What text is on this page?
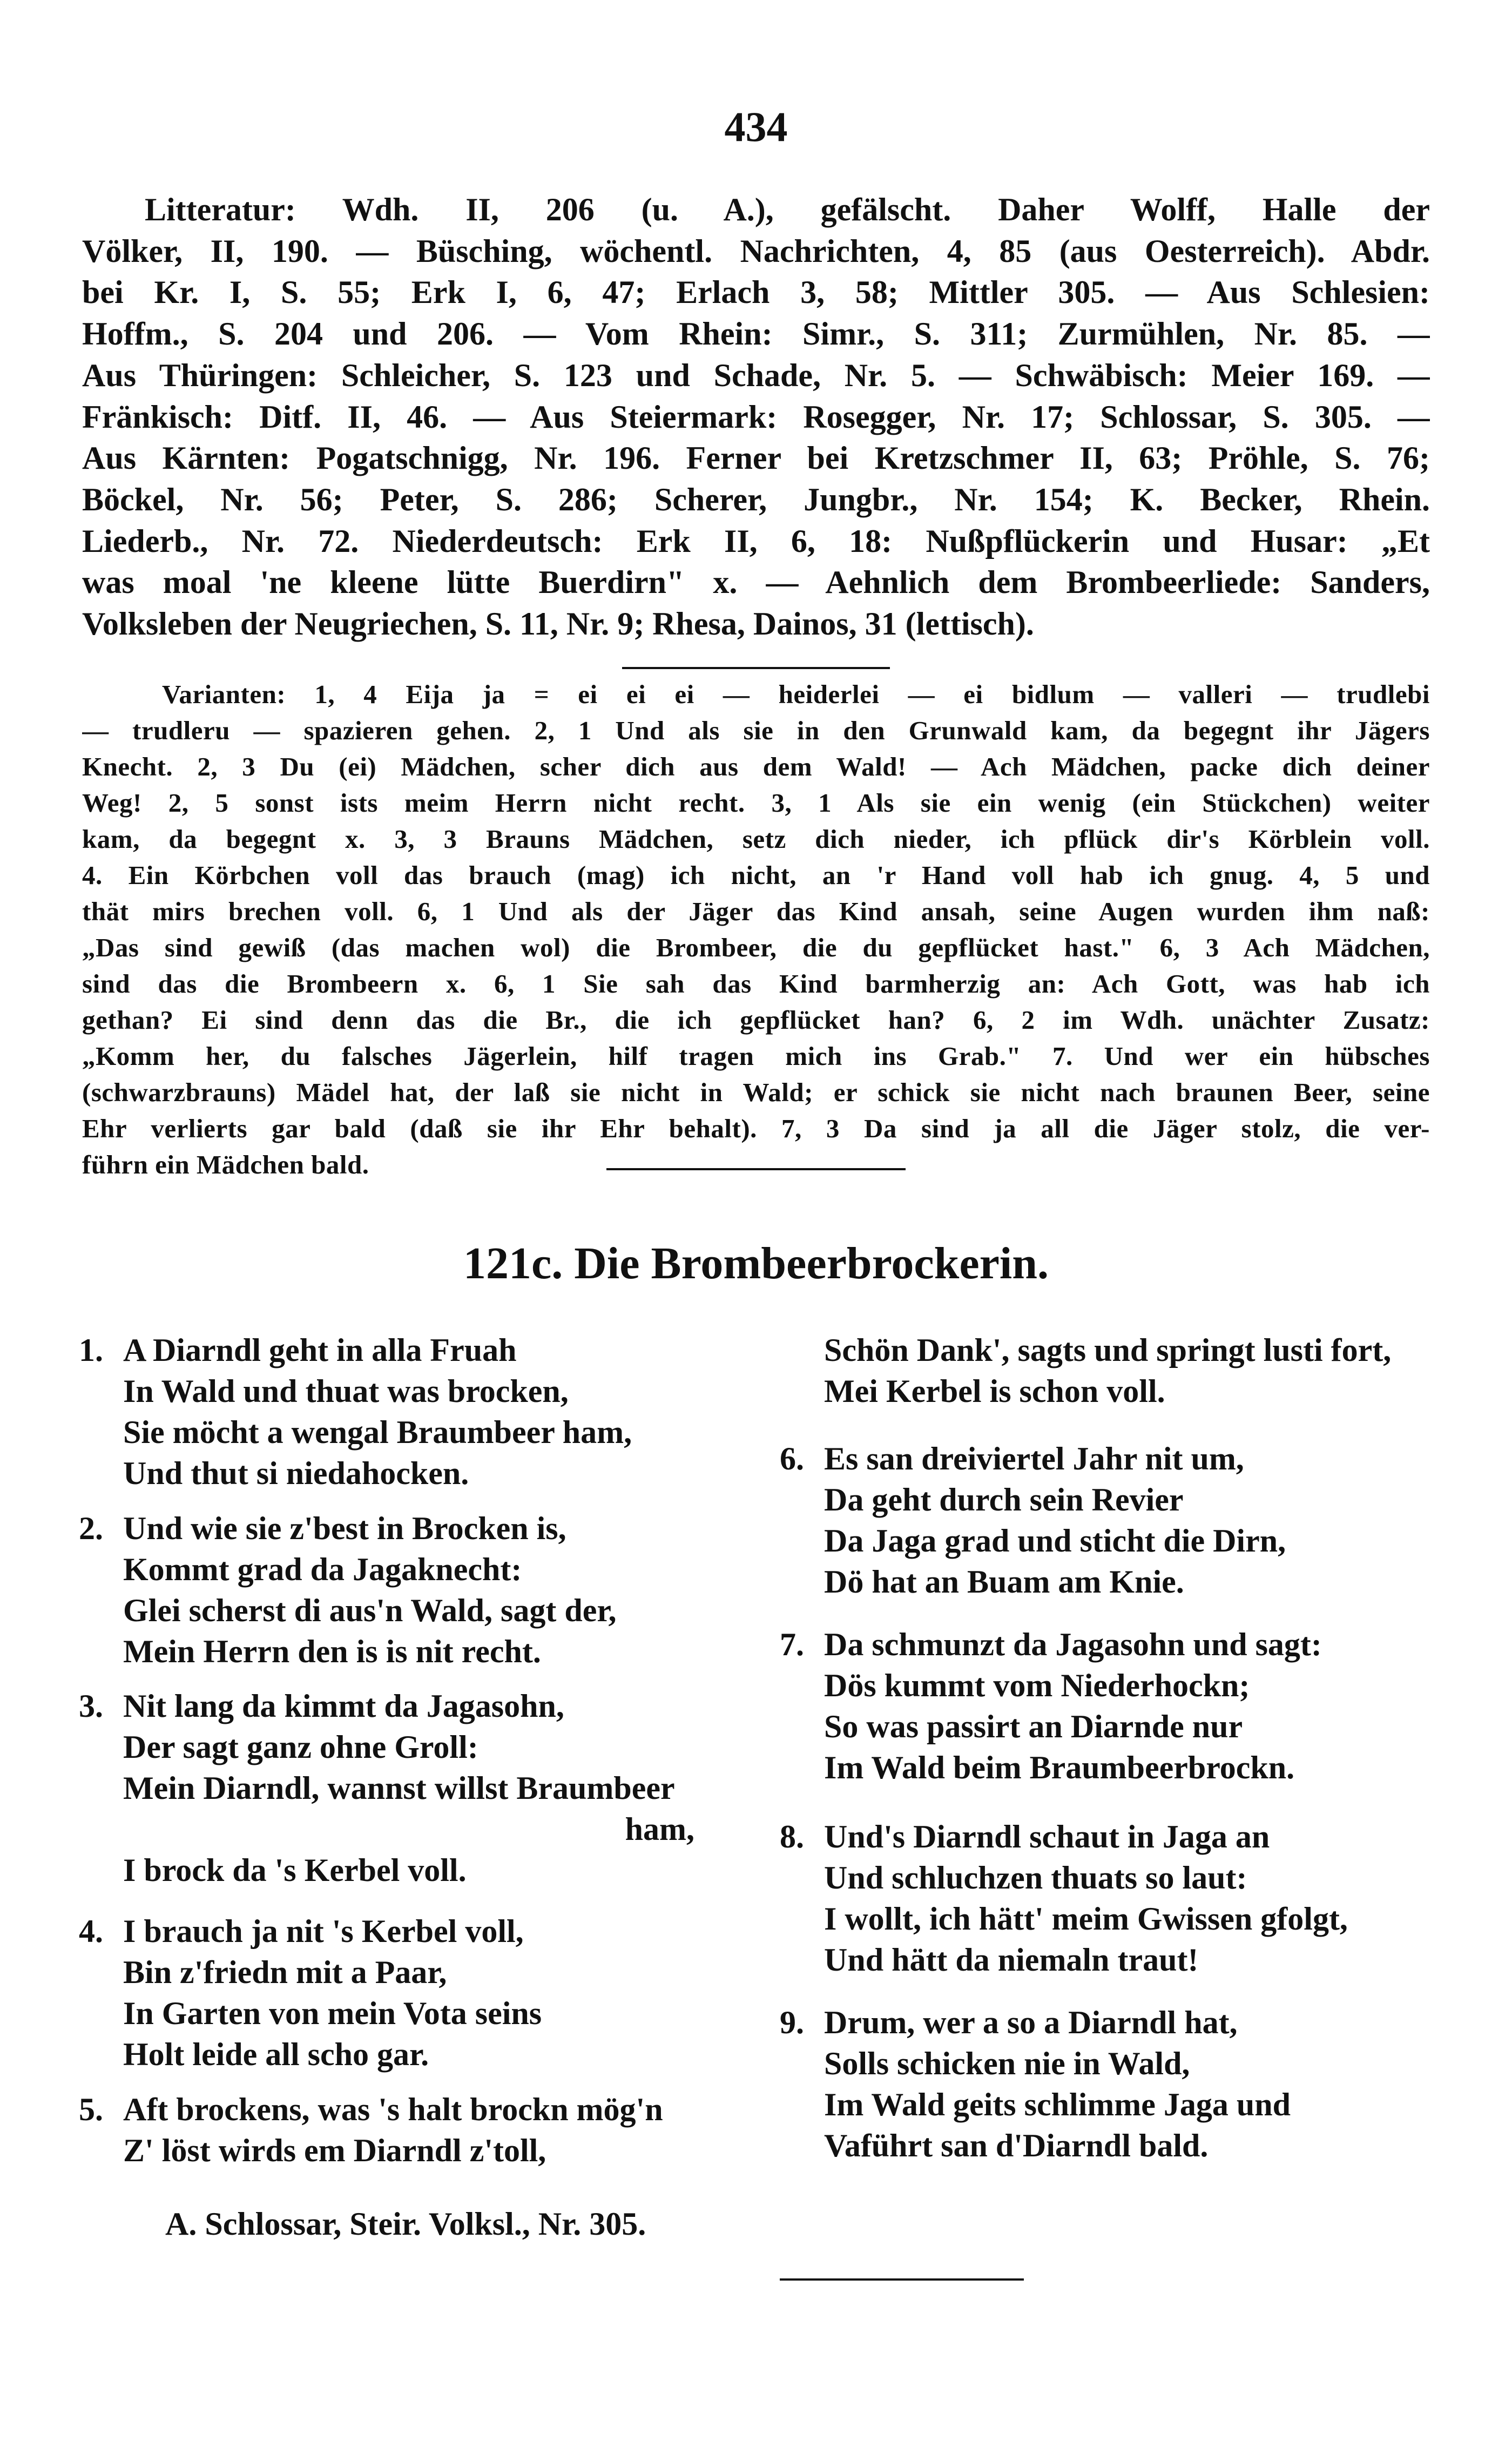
434
Litteratur: Wdh. II, 206 (u. A.), gefälscht. Daher Wolff, Halle der
Völker, II, 190. — Büsching, wöchentl. Nachrichten, 4, 85 (aus Oesterreich). Abdr.
bei Kr. I, S. 55; Erk I, 6, 47; Erlach 3, 58; Mittler 305. — Aus Schlesien:
Hoffm., S. 204 und 206. — Vom Rhein: Simr., S. 311; Zurmühlen, Nr. 85. —
Aus Thüringen: Schleicher, S. 123 und Schade, Nr. 5. — Schwäbisch: Meier 169. —
Fränkisch: Ditf. II, 46. — Aus Steiermark: Rosegger, Nr. 17; Schlossar, S. 305. —
Aus Kärnten: Pogatschnigg, Nr. 196. Ferner bei Kretzschmer II, 63; Pröhle, S. 76;
Böckel, Nr. 56; Peter, S. 286; Scherer, Jungbr., Nr. 154; K. Becker, Rhein.
Liederb., Nr. 72. Niederdeutsch: Erk II, 6, 18: Nußpflückerin und Husar: „Et
was moal 'ne kleene lütte Buerdirn" x. — Aehnlich dem Brombeerliede: Sanders,
Volksleben der Neugriechen, S. 11, Nr. 9; Rhesa, Dainos, 31 (lettisch).
Varianten: 1, 4 Eija ja = ei ei ei — heiderlei — ei bidlum — valleri — trudlebi
— trudleru — spazieren gehen. 2, 1 Und als sie in den Grunwald kam, da begegnt ihr Jägers
Knecht. 2, 3 Du (ei) Mädchen, scher dich aus dem Wald! — Ach Mädchen, packe dich deiner
Weg! 2, 5 sonst ists meim Herrn nicht recht. 3, 1 Als sie ein wenig (ein Stückchen) weiter
kam, da begegnt x. 3, 3 Brauns Mädchen, setz dich nieder, ich pflück dir's Körblein voll.
4. Ein Körbchen voll das brauch (mag) ich nicht, an 'r Hand voll hab ich gnug. 4, 5 und
thät mirs brechen voll. 6, 1 Und als der Jäger das Kind ansah, seine Augen wurden ihm naß:
„Das sind gewiß (das machen wol) die Brombeer, die du gepflücket hast." 6, 3 Ach Mädchen,
sind das die Brombeern x. 6, 1 Sie sah das Kind barmherzig an: Ach Gott, was hab ich
gethan? Ei sind denn das die Br., die ich gepflücket han? 6, 2 im Wdh. unächter Zusatz:
„Komm her, du falsches Jägerlein, hilf tragen mich ins Grab." 7. Und wer ein hübsches
(schwarzbrauns) Mädel hat, der laß sie nicht in Wald; er schick sie nicht nach braunen Beer, seine
Ehr verlierts gar bald (daß sie ihr Ehr behalt). 7, 3 Da sind ja all die Jäger stolz, die ver-
führn ein Mädchen bald.
121c. Die Brombeerbrockerin.
1. A Diarndl geht in alla Fruah
In Wald und thuat was brocken,
Sie möcht a wengal Braumbeer ham,
Und thut si niedahocken.
2. Und wie sie z'best in Brocken is,
Kommt grad da Jagaknecht:
Glei scherst di aus'n Wald, sagt der,
Mein Herrn den is is nit recht.
3. Nit lang da kimmt da Jagasohn,
Der sagt ganz ohne Groll:
Mein Diarndl, wannst willst Braumbeer
ham,
I brock da 's Kerbel voll.
4. I brauch ja nit 's Kerbel voll,
Bin z'friedn mit a Paar,
In Garten von mein Vota seins
Holt leide all scho gar.
5. Aft brockens, was 's halt brockn mög'n
Z' löst wirds em Diarndl z'toll,
Schön Dank', sagts und springt lusti fort,
Mei Kerbel is schon voll.
6. Es san dreiviertel Jahr nit um,
Da geht durch sein Revier
Da Jaga grad und sticht die Dirn,
Dö hat an Buam am Knie.
7. Da schmunzt da Jagasohn und sagt:
Dös kummt vom Niederhockn;
So was passirt an Diarnde nur
Im Wald beim Braumbeerbrockn.
8. Und's Diarndl schaut in Jaga an
Und schluchzen thuats so laut:
I wollt, ich hätt' meim Gwissen gfolgt,
Und hätt da niemaln traut!
9. Drum, wer a so a Diarndl hat,
Solls schicken nie in Wald,
Im Wald geits schlimme Jaga und
Vaführt san d'Diarndl bald.
A. Schlossar, Steir. Volksl., Nr. 305.
